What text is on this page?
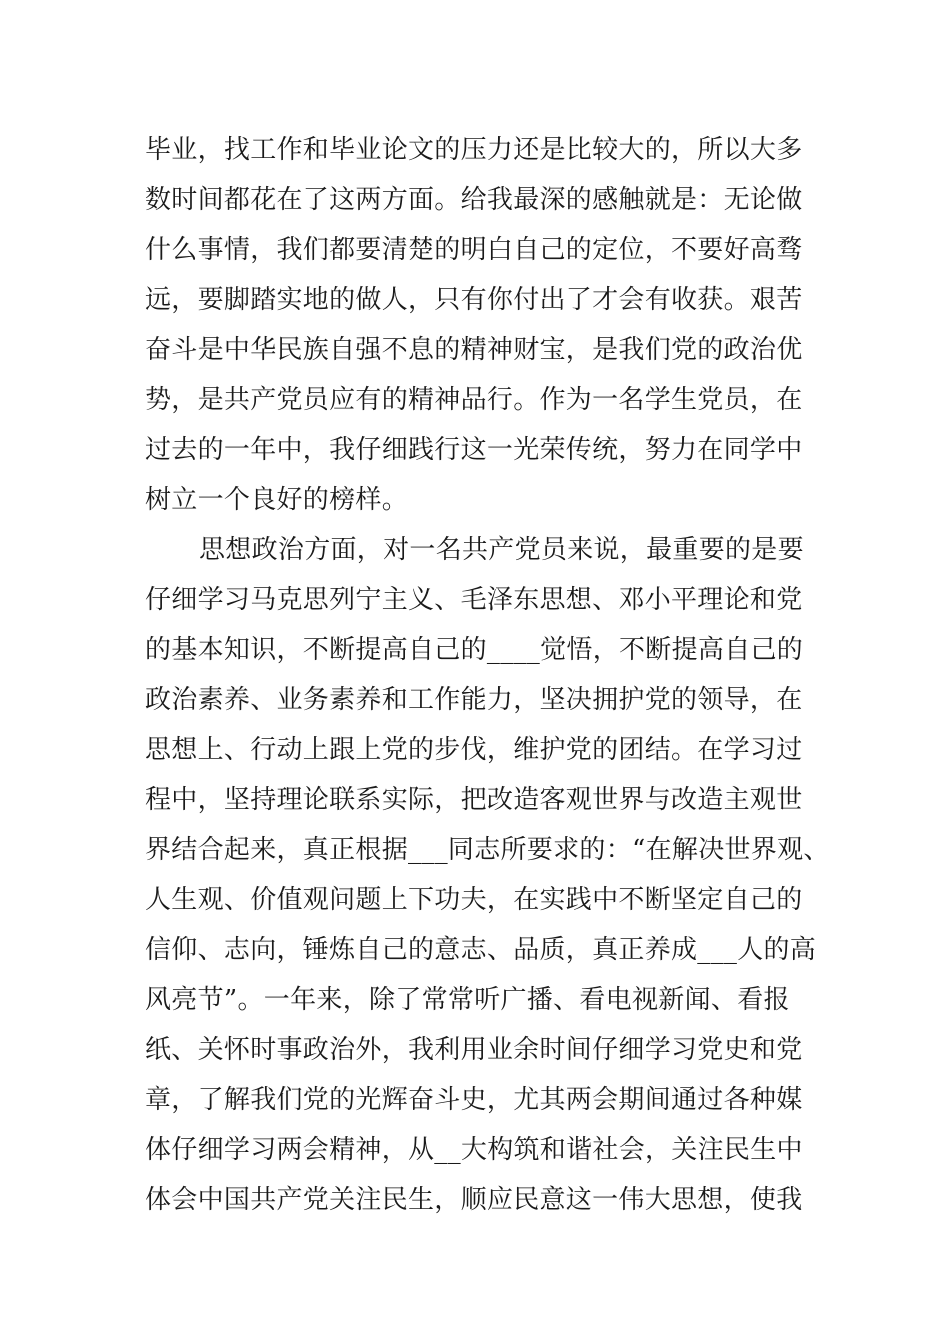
毕业，找工作和毕业论文的压力还是比较大的，所以大多
数时间都花在了这两方面。给我最深的感触就是：无论做
什么事情，我们都要清楚的明白自己的定位，不要好高骛
远，要脚踏实地的做人，只有你付出了才会有收获。艰苦
奋斗是中华民族自强不息的精神财宝，是我们党的政治优
势，是共产党员应有的精神品行。作为一名学生党员，在
过去的一年中，我仔细践行这一光荣传统，努力在同学中
树立一个良好的榜样。
思想政治方面，对一名共产党员来说，最重要的是要
仔细学习马克思列宁主义、毛泽东思想、邓小平理论和党
的基本知识，不断提高自己的____觉悟，不断提高自己的
政治素养、业务素养和工作能力，坚决拥护党的领导，在
思想上、行动上跟上党的步伐，维护党的团结。在学习过
程中，坚持理论联系实际，把改造客观世界与改造主观世
界结合起来，真正根据___同志所要求的：“在解决世界观、
人生观、价值观问题上下功夫，在实践中不断坚定自己的
信仰、志向，锤炼自己的意志、品质，真正养成___人的高
风亮节”。一年来，除了常常听广播、看电视新闻、看报
纸、关怀时事政治外，我利用业余时间仔细学习党史和党
章，了解我们党的光辉奋斗史，尤其两会期间通过各种媒
体仔细学习两会精神，从__大构筑和谐社会，关注民生中
体会中国共产党关注民生，顺应民意这一伟大思想，使我
